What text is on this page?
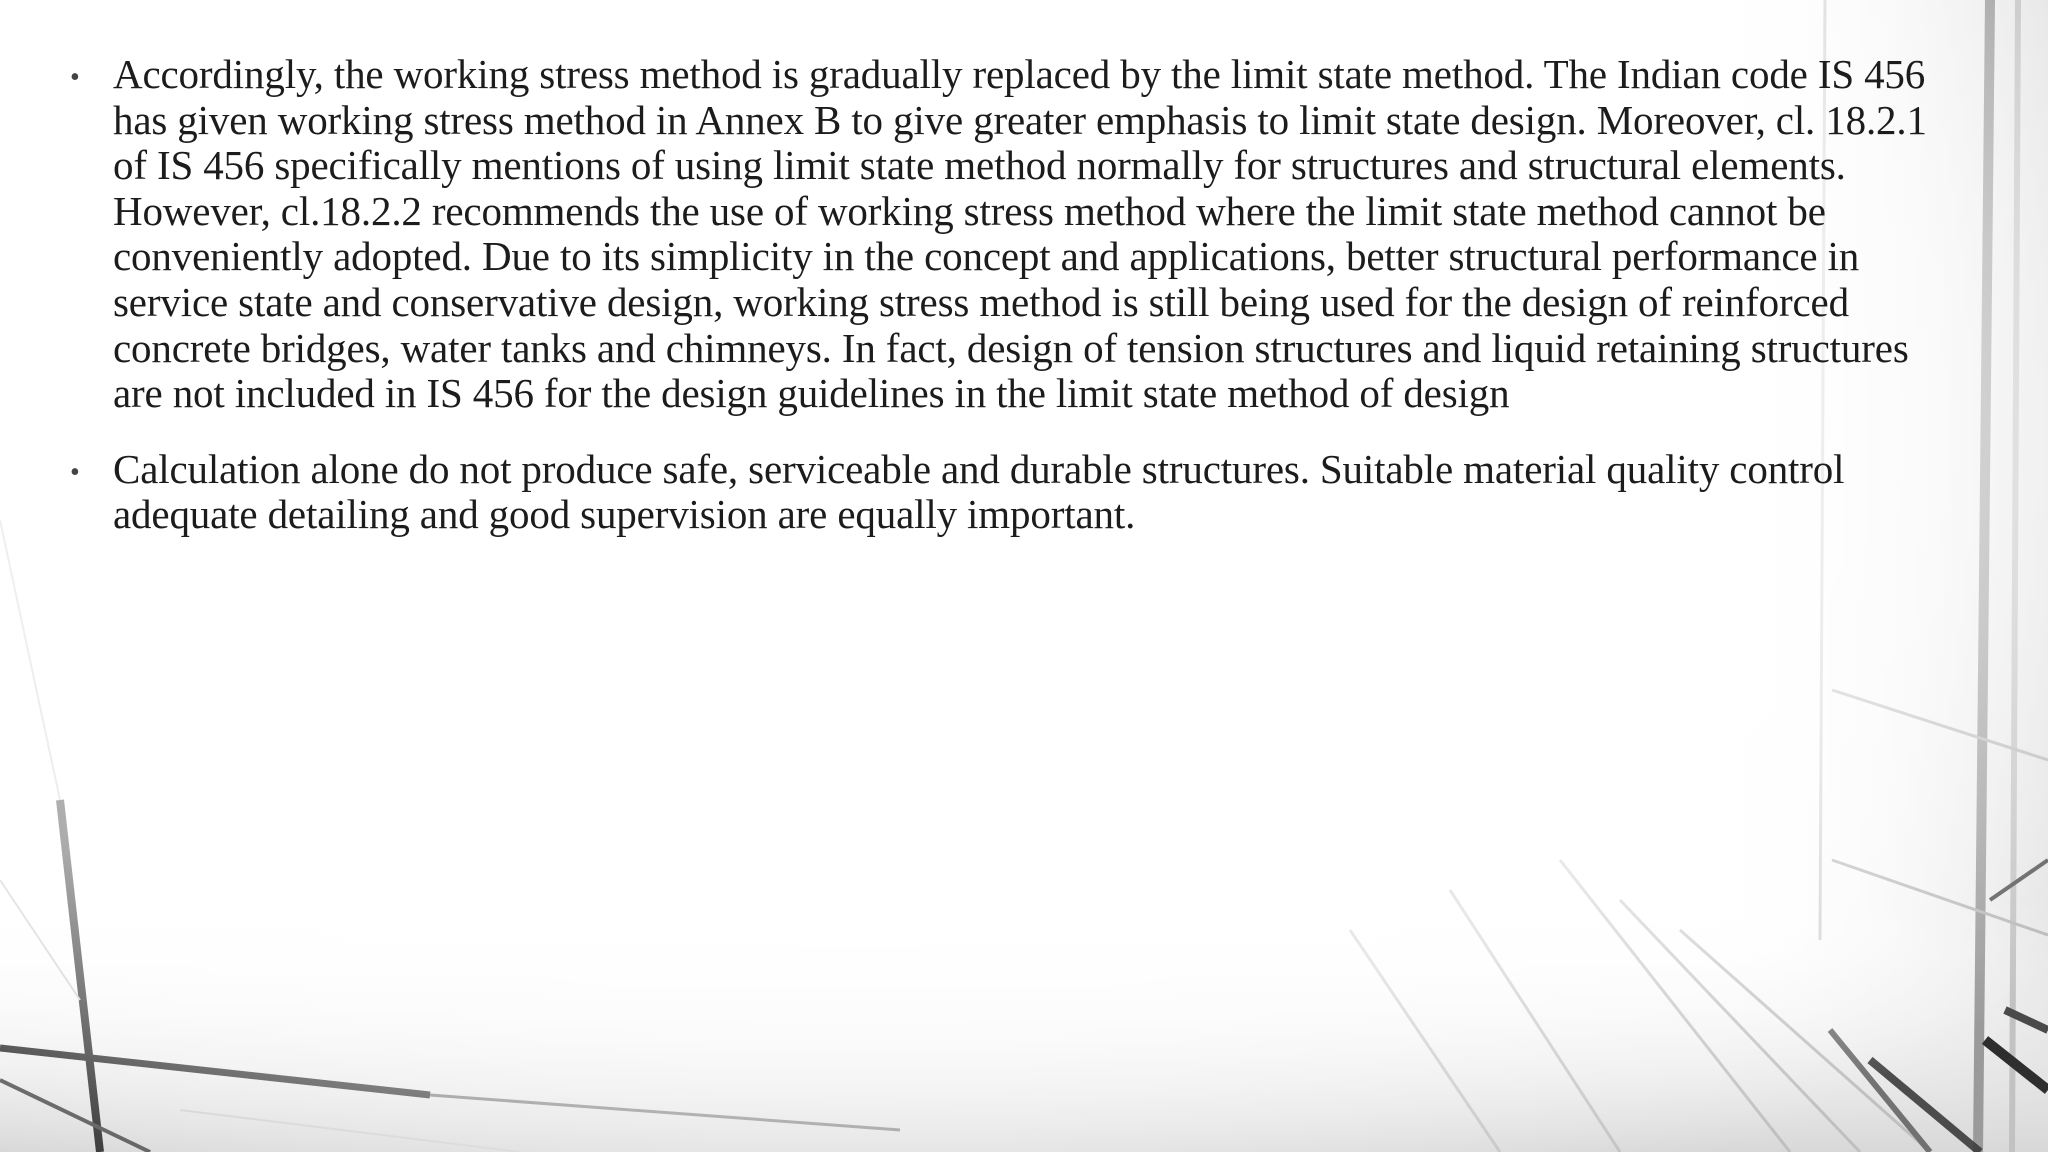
• Accordingly, the working stress method is gradually replaced by the limit state method. The Indian code IS 456 has given working stress method in Annex B to give greater emphasis to limit state design. Moreover, cl. 18.2.1 of IS 456 specifically mentions of using limit state method normally for structures and structural elements. However, cl.18.2.2 recommends the use of working stress method where the limit state method cannot be conveniently adopted. Due to its simplicity in the concept and applications, better structural performance in service state and conservative design, working stress method is still being used for the design of reinforced concrete bridges, water tanks and chimneys. In fact, design of tension structures and liquid retaining structures are not included in IS 456 for the design guidelines in the limit state method of design
• Calculation alone do not produce safe, serviceable and durable structures. Suitable material quality control adequate detailing and good supervision are equally important.
